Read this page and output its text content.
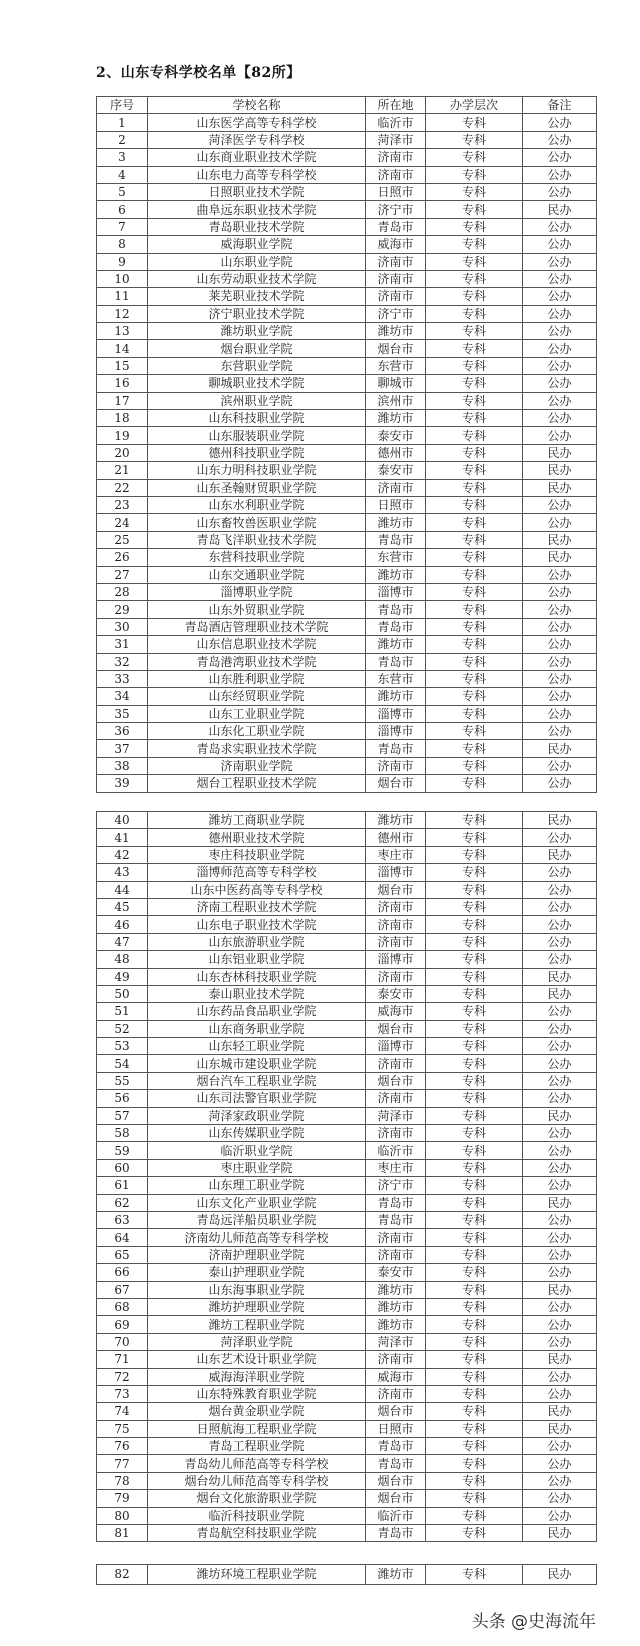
2、山东专科学校名单【82所】
序号	学校名称	所在地	办学层次	备注
1	山东医学高等专科学校	临沂市	专科	公办
2	菏泽医学专科学校	菏泽市	专科	公办
3	山东商业职业技术学院	济南市	专科	公办
4	山东电力高等专科学校	济南市	专科	公办
5	日照职业技术学院	日照市	专科	公办
6	曲阜远东职业技术学院	济宁市	专科	民办
7	青岛职业技术学院	青岛市	专科	公办
8	威海职业学院	威海市	专科	公办
9	山东职业学院	济南市	专科	公办
10	山东劳动职业技术学院	济南市	专科	公办
11	莱芜职业技术学院	济南市	专科	公办
12	济宁职业技术学院	济宁市	专科	公办
13	潍坊职业学院	潍坊市	专科	公办
14	烟台职业学院	烟台市	专科	公办
15	东营职业学院	东营市	专科	公办
16	聊城职业技术学院	聊城市	专科	公办
17	滨州职业学院	滨州市	专科	公办
18	山东科技职业学院	潍坊市	专科	公办
19	山东服装职业学院	泰安市	专科	公办
20	德州科技职业学院	德州市	专科	民办
21	山东力明科技职业学院	泰安市	专科	民办
22	山东圣翰财贸职业学院	济南市	专科	民办
23	山东水利职业学院	日照市	专科	公办
24	山东畜牧兽医职业学院	潍坊市	专科	公办
25	青岛飞洋职业技术学院	青岛市	专科	民办
26	东营科技职业学院	东营市	专科	民办
27	山东交通职业学院	潍坊市	专科	公办
28	淄博职业学院	淄博市	专科	公办
29	山东外贸职业学院	青岛市	专科	公办
30	青岛酒店管理职业技术学院	青岛市	专科	公办
31	山东信息职业技术学院	潍坊市	专科	公办
32	青岛港湾职业技术学院	青岛市	专科	公办
33	山东胜利职业学院	东营市	专科	公办
34	山东经贸职业学院	潍坊市	专科	公办
35	山东工业职业学院	淄博市	专科	公办
36	山东化工职业学院	淄博市	专科	公办
37	青岛求实职业技术学院	青岛市	专科	民办
38	济南职业学院	济南市	专科	公办
39	烟台工程职业技术学院	烟台市	专科	公办
40	潍坊工商职业学院	潍坊市	专科	民办
41	德州职业技术学院	德州市	专科	公办
42	枣庄科技职业学院	枣庄市	专科	民办
43	淄博师范高等专科学校	淄博市	专科	公办
44	山东中医药高等专科学校	烟台市	专科	公办
45	济南工程职业技术学院	济南市	专科	公办
46	山东电子职业技术学院	济南市	专科	公办
47	山东旅游职业学院	济南市	专科	公办
48	山东铝业职业学院	淄博市	专科	公办
49	山东杏林科技职业学院	济南市	专科	民办
50	泰山职业技术学院	泰安市	专科	民办
51	山东药品食品职业学院	威海市	专科	公办
52	山东商务职业学院	烟台市	专科	公办
53	山东轻工职业学院	淄博市	专科	公办
54	山东城市建设职业学院	济南市	专科	公办
55	烟台汽车工程职业学院	烟台市	专科	公办
56	山东司法警官职业学院	济南市	专科	公办
57	菏泽家政职业学院	菏泽市	专科	民办
58	山东传媒职业学院	济南市	专科	公办
59	临沂职业学院	临沂市	专科	公办
60	枣庄职业学院	枣庄市	专科	公办
61	山东理工职业学院	济宁市	专科	公办
62	山东文化产业职业学院	青岛市	专科	民办
63	青岛远洋船员职业学院	青岛市	专科	公办
64	济南幼儿师范高等专科学校	济南市	专科	公办
65	济南护理职业学院	济南市	专科	公办
66	泰山护理职业学院	泰安市	专科	公办
67	山东海事职业学院	潍坊市	专科	民办
68	潍坊护理职业学院	潍坊市	专科	公办
69	潍坊工程职业学院	潍坊市	专科	公办
70	菏泽职业学院	菏泽市	专科	公办
71	山东艺术设计职业学院	济南市	专科	民办
72	威海海洋职业学院	威海市	专科	公办
73	山东特殊教育职业学院	济南市	专科	公办
74	烟台黄金职业学院	烟台市	专科	民办
75	日照航海工程职业学院	日照市	专科	民办
76	青岛工程职业学院	青岛市	专科	公办
77	青岛幼儿师范高等专科学校	青岛市	专科	公办
78	烟台幼儿师范高等专科学校	烟台市	专科	公办
79	烟台文化旅游职业学院	烟台市	专科	公办
80	临沂科技职业学院	临沂市	专科	公办
81	青岛航空科技职业学院	青岛市	专科	民办
82	潍坊环境工程职业学院	潍坊市	专科	民办
头条 @史海流年
